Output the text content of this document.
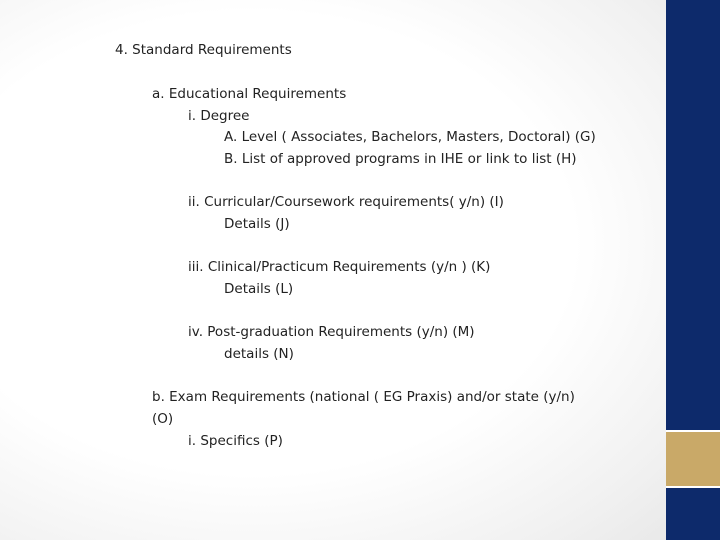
4. Standard Requirements
a. Educational Requirements
i. Degree
A. Level ( Associates, Bachelors, Masters, Doctoral) (G)
B. List of approved programs in IHE or link to list (H)
ii. Curricular/Coursework requirements( y/n) (I)
Details (J)
iii. Clinical/Practicum Requirements (y/n ) (K)
Details (L)
iv. Post-graduation Requirements (y/n) (M)
details (N)
b. Exam Requirements (national ( EG Praxis) and/or state (y/n)
(O)
i. Specifics (P)
